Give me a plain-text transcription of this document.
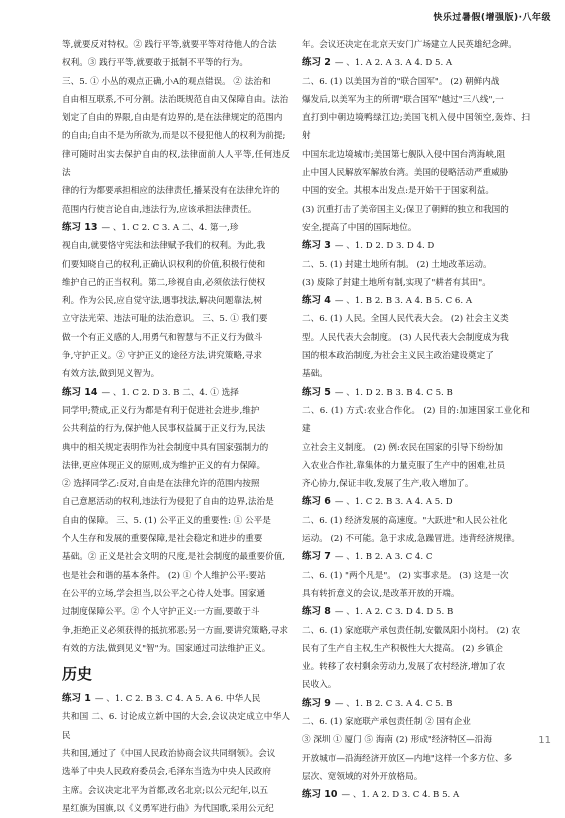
快乐过暑假(增强版)·八年级
等,就要反对特权。② 践行平等,就要平等对待他人的合法
权利。③ 践行平等,就要敢于抵制不平等的行为。
三、5. ① 小丛的观点正确,小A的观点错误。 ② 法治和
自由相互联系,不可分割。法治既规范自由又保障自由。法治
划定了自由的界限,自由是有边界的,是在法律规定的范围内
的自由;自由不是为所欲为,而是以不侵犯他人的权利为前提;
律可随时出实去保护自由的权,法律面前人人平等,任何违反法
律的行为都要承担相应的法律责任,播某没有在法律允许的
范围内行使言论自由,违法行为,应该承担法律责任。
练习 13 — 、1. C 2. C 3. A 二、4. 第一,珍
视自由,就要恪守宪法和法律赋予我们的权利。为此,我
们要知晓自己的权利,正确认识权利的价值,积极行使和
维护自己的正当权利。第二,珍视自由,必须依法行使权
利。作为公民,应自觉守法,遇事找法,解决问题靠法,树
立守法光荣、违法可耻的法治意识。 三、5. ① 我们要
做一个有正义感的人,用勇气和智慧与不正义行为做斗
争,守护正义。② 守护正义的途径方法,讲究策略,寻求
有效方法,做到见义智为。
练习 14 — 、1. C 2. D 3. B 二、4. ① 选择
同学甲;赞成,正义行为都是有利于促进社会进步,维护
公共利益的行为,保护他人民事权益属于正义行为,民法
典中的相关规定表明作为社会制度中具有国家强制力的
法律,更应体现正义的原则,成为维护正义的有力保障。
② 选择同学乙:反对,自由是在法律允许的范围内按照
自己意愿活动的权利,违法行为侵犯了自由的边界,法治是
自由的保障。 三、5. (1) 公平正义的重要性: ① 公平是
个人生存和发展的重要保障,是社会稳定和进步的重要
基础。② 正义是社会文明的尺度,是社会制度的最重要价值,
也是社会和谐的基本条件。 (2) ① 个人维护公平:要站
在公平的立场,学会担当,以公平之心待人处事。国家通
过制度保障公平。② 个人守护正义:一方面,要敢于斗
争,拒绝正义必须获得的抵抗邪恶;另一方面,要讲究策略,寻求
有效的方法,做到见义"智"为。国家通过司法维护正义。
历史
练习 1 — 、1. C 2. B 3. C 4. A 5. A 6. 中华人民
共和国 二、6. 讨论成立新中国的大会,会议决定成立中华人民
共和国,通过了《中国人民政治协商会议共同纲领》。会议
选举了中央人民政府委员会,毛泽东当选为中央人民政府
主席。会议决定北平为首都,改名北京;以公元纪年,以五
星红旗为国旗,以《义勇军进行曲》为代国歌,采用公元纪
年。会议还决定在北京天安门广场建立人民英雄纪念碑。
练习 2 — 、1. A 2. A 3. A 4. D 5. A
二、6. (1) 以美国为首的"联合国军"。 (2) 朝鲜内战
爆发后,以美军为主的所谓"联合国军"越过"三八线",一
直打到中朝边境鸭绿江边;美国飞机入侵中国领空,轰炸、扫射
中国东北边境城市;美国第七舰队入侵中国台湾海峡,阻
止中国人民解放军解放台湾。美国的侵略活动严重威胁
中国的安全。其根本出发点:是开始干于国家利益。
(3) 沉重打击了美帝国主义;保卫了朝鲜的独立和我国的
安全,提高了中国的国际地位。
练习 3 — 、1. D 2. D 3. D 4. D
二、5. (1) 封建土地所有制。 (2) 土地改革运动。
(3) 废除了封建土地所有制,实现了"耕者有其田"。
练习 4 — 、1. B 2. B 3. A 4. B 5. C 6. A
二、6. (1) 人民。全国人民代表大会。 (2) 社会主义类
型。人民代表大会制度。 (3) 人民代表大会制度成为我
国的根本政治制度,为社会主义民主政治建设奠定了
基础。
练习 5 — 、1. D 2. B 3. B 4. C 5. B
二、6. (1) 方式:农业合作化。 (2) 目的:加速国家工业化和建
立社会主义制度。 (2) 例:农民在国家的引导下纷纷加
入农业合作社,靠集体的力量克服了生产中的困难,社员
齐心协力,保证丰收,发展了生产,收入增加了。
练习 6 — 、1. C 2. B 3. A 4. A 5. D
二、6. (1) 经济发展的高速度。"大跃进"和人民公社化
运动。 (2) 不可能。急于求成,急躁冒进。违背经济规律。
练习 7 — 、1. B 2. A 3. C 4. C
二、6. (1) "两个凡是"。 (2) 实事求是。 (3) 这是一次
具有转折意义的会议,是改革开放的开端。
练习 8 — 、1. A 2. C 3. D 4. D 5. B
二、6. (1) 家庭联产承包责任制,安徽凤阳小岗村。 (2) 农
民有了生产自主权,生产积极性大大提高。 (2) 乡镇企
业。转移了农村剩余劳动力,发展了农村经济,增加了农
民收入。
练习 9 — 、1. B 2. C 3. A 4. C 5. B
二、6. (1) 家庭联产承包责任制 ② 国有企业
③ 深圳 ① 厦门 ⑤ 海南 (2) 形成"经济特区—沿海
开放城市—沿海经济开放区—内地"这样一个多方位、多
层次、宽领域的对外开放格局。
练习 10 — 、1. A 2. D 3. C 4. B 5. A
11
